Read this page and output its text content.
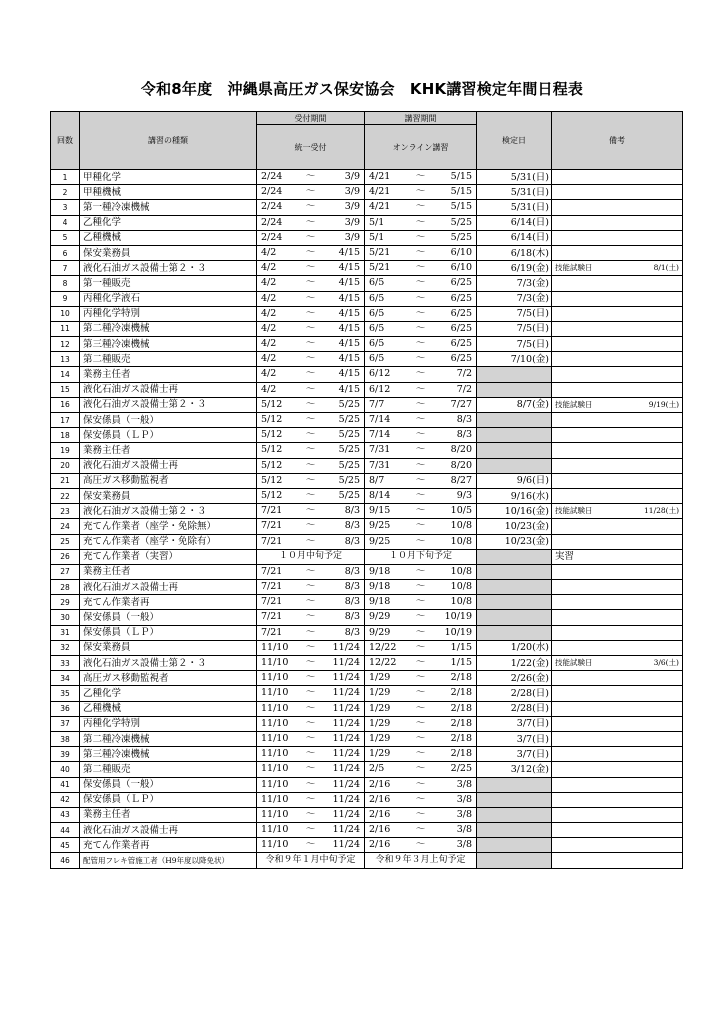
令和8年度　沖縄県高圧ガス保安協会　KHK講習検定年間日程表
回数	講習の種類	受付期間	講習期間	検定日	備考
		統一受付	オンライン講習		
1	甲種化学	2/24 ～ 3/9	4/21 ～ 5/15	5/31(日)	
2	甲種機械	2/24 ～ 3/9	4/21 ～ 5/15	5/31(日)	
3	第一種冷凍機械	2/24 ～ 3/9	4/21 ～ 5/15	5/31(日)	
4	乙種化学	2/24 ～ 3/9	5/1 ～ 5/25	6/14(日)	
5	乙種機械	2/24 ～ 3/9	5/1 ～ 5/25	6/14(日)	
6	保安業務員	4/2 ～ 4/15	5/21 ～ 6/10	6/18(木)	
7	液化石油ガス設備士第２・３	4/2 ～ 4/15	5/21 ～ 6/10	6/19(金)	技能試験日 8/1(土)

8	第一種販売	4/2 ～ 4/15	6/5 ～ 6/25	7/3(金)	
9	丙種化学液石	4/2 ～ 4/15	6/5 ～ 6/25	7/3(金)	
10	丙種化学特別	4/2 ～ 4/15	6/5 ～ 6/25	7/5(日)	
11	第二種冷凍機械	4/2 ～ 4/15	6/5 ～ 6/25	7/5(日)	
12	第三種冷凍機械	4/2 ～ 4/15	6/5 ～ 6/25	7/5(日)	
13	第二種販売	4/2 ～ 4/15	6/5 ～ 6/25	7/10(金)	
14	業務主任者	4/2 ～ 4/15	6/12 ～ 7/2		

15	液化石油ガス設備士再	4/2 ～ 4/15	6/12 ～ 7/2		

16	液化石油ガス設備士第２・３	5/12 ～ 5/25	7/7 ～ 7/27	8/7(金)	技能試験日 9/19(土)

17	保安係員（一般）	5/12 ～ 5/25	7/14 ～ 8/3		

18	保安係員（ＬＰ）	5/12 ～ 5/25	7/14 ～ 8/3		

19	業務主任者	5/12 ～ 5/25	7/31 ～ 8/20		

20	液化石油ガス設備士再	5/12 ～ 5/25	7/31 ～ 8/20		

21	高圧ガス移動監視者	5/12 ～ 5/25	8/7 ～ 8/27	9/6(日)	
22	保安業務員	5/12 ～ 5/25	8/14 ～ 9/3	9/16(水)	
23	液化石油ガス設備士第２・３	7/21 ～ 8/3	9/15 ～ 10/5	10/16(金)	技能試験日 11/28(土)

24	充てん作業者（座学・免除無）	7/21 ～ 8/3	9/25 ～ 10/8	10/23(金)	
25	充てん作業者（座学・免除有）	7/21 ～ 8/3	9/25 ～ 10/8	10/23(金)	
26	充てん作業者（実習）	１０月中旬予定	１０月下旬予定		実習
27	業務主任者	7/21 ～ 8/3	9/18 ～ 10/8		

28	液化石油ガス設備士再	7/21 ～ 8/3	9/18 ～ 10/8		

29	充てん作業者再	7/21 ～ 8/3	9/18 ～ 10/8		

30	保安係員（一般）	7/21 ～ 8/3	9/29 ～ 10/19		

31	保安係員（ＬＰ）	7/21 ～ 8/3	9/29 ～ 10/19		

32	保安業務員	11/10 ～ 11/24	12/22 ～ 1/15	1/20(水)	
33	液化石油ガス設備士第２・３	11/10 ～ 11/24	12/22 ～ 1/15	1/22(金)	技能試験日 3/6(土)

34	高圧ガス移動監視者	11/10 ～ 11/24	1/29 ～ 2/18	2/26(金)	
35	乙種化学	11/10 ～ 11/24	1/29 ～ 2/18	2/28(日)	
36	乙種機械	11/10 ～ 11/24	1/29 ～ 2/18	2/28(日)	
37	丙種化学特別	11/10 ～ 11/24	1/29 ～ 2/18	3/7(日)	
38	第二種冷凍機械	11/10 ～ 11/24	1/29 ～ 2/18	3/7(日)	
39	第三種冷凍機械	11/10 ～ 11/24	1/29 ～ 2/18	3/7(日)	
40	第二種販売	11/10 ～ 11/24	2/5 ～ 2/25	3/12(金)	
41	保安係員（一般）	11/10 ～ 11/24	2/16 ～ 3/8		

42	保安係員（ＬＰ）	11/10 ～ 11/24	2/16 ～ 3/8		

43	業務主任者	11/10 ～ 11/24	2/16 ～ 3/8		

44	液化石油ガス設備士再	11/10 ～ 11/24	2/16 ～ 3/8		

45	充てん作業者再	11/10 ～ 11/24	2/16 ～ 3/8		

46	配管用フレキ管施工者（H9年度以降免状）	令和９年１月中旬予定	令和９年３月上旬予定		
